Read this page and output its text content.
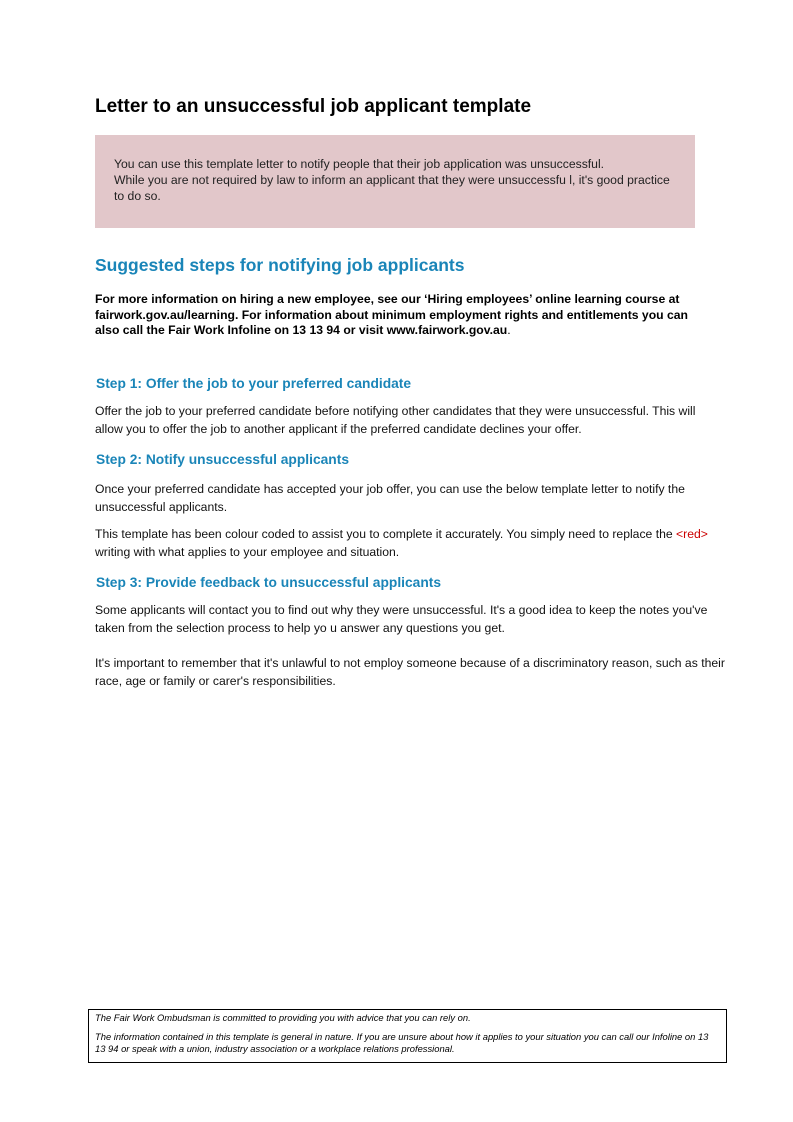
Letter to an unsuccessful job applicant template

You can use this template letter to notify people that their job application was unsuccessful.

While you are not required by law to inform an applicant that they were unsuccessfu l, it's good practice to do so.

Suggested steps for notifying job applicants

For more information on hiring a new employee, see our ‘Hiring employees’ online learning course at fairwork.gov.au/learning. For information about minimum employment rights and entitlements you can also call the Fair Work Infoline on 13 13 94 or visit www.fairwork.gov.au.

Step 1: Offer the job to your preferred candidate

Offer the job to your preferred candidate before notifying other candidates that they were unsuccessful. This will allow you to offer the job to another applicant if the preferred candidate declines your offer.

Step 2: Notify unsuccessful applicants

Once your preferred candidate has accepted your job offer, you can use the below template letter to notify the unsuccessful applicants.

This template has been colour coded to assist you to complete it accurately. You simply need to replace the <red> writing with what applies to your employee and situation.

Step 3: Provide feedback to unsuccessful applicants

Some applicants will contact you to find out why they were unsuccessful. It's a good idea to keep the notes you've taken from the selection process to help yo u answer any questions you get.

It's important to remember that it's unlawful to not employ someone because of a discriminatory reason, such as their race, age or family or carer's responsibilities.

The Fair Work Ombudsman is committed to providing you with advice that you can rely on.

The information contained in this template is general in nature. If you are unsure about how it applies to your situation you can call our Infoline on 13 13 94 or speak with a union, industry association or a workplace relations professional.
